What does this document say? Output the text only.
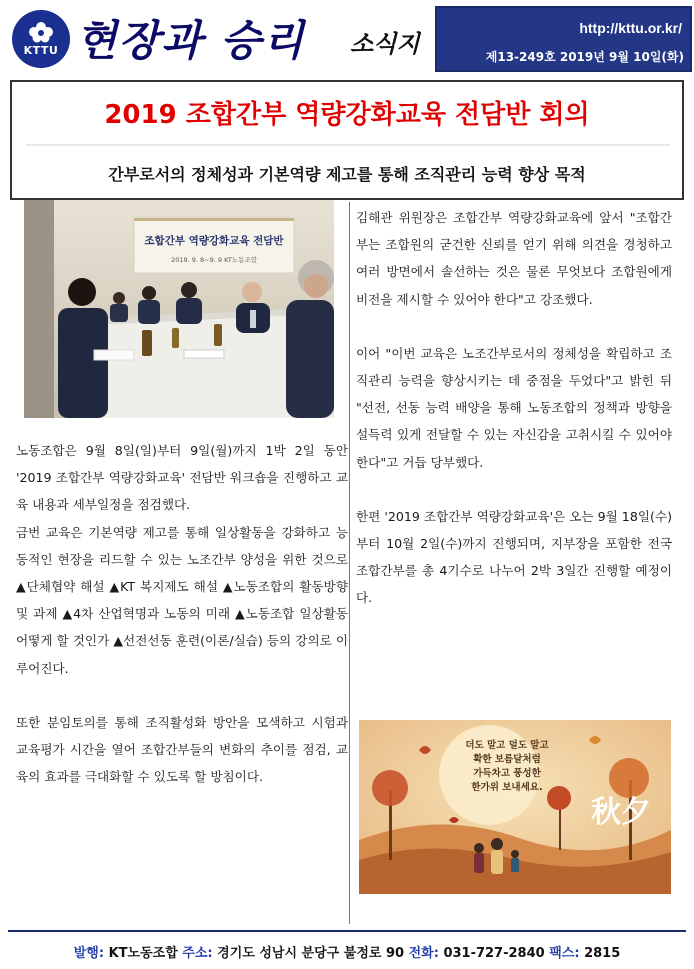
KTTU 현장과 승리 소식지
http://kttu.or.kr/
제13-249호 2019년 9월 10일(화)
2019 조합간부 역량강화교육 전담반 회의
간부로서의 정체성과 기본역량 제고를 통해 조직관리 능력 향상 목적
조합간부 역량강화교육 전담반
2019. 9. 8~9. 9 KT노동조합

노동조합은 9월 8일(일)부터 9일(월)까지 1박 2일 동안 '2019 조합간부 역량강화교육' 전담반 워크숍을 진행하고 교육 내용과 세부일정을 점검했다.

금번 교육은 기본역량 제고를 통해 일상활동을 강화하고 능동적인 현장을 리드할 수 있는 노조간부 양성을 위한 것으로 ▲단체협약 해설 ▲KT 복지제도 해설 ▲노동조합의 활동방향 및 과제 ▲4차 산업혁명과 노동의 미래 ▲노동조합 일상활동 어떻게 할 것인가 ▲선전선동 훈련(이론/실습) 등의 강의로 이루어진다.

또한 분임토의를 통해 조직활성화 방안을 모색하고 시험과 교육평가 시간을 열어 조합간부들의 변화의 추이를 점검, 교육의 효과를 극대화할 수 있도록 할 방침이다.

김해관 위원장은 조합간부 역량강화교육에 앞서 "조합간부는 조합원의 굳건한 신뢰를 얻기 위해 의견을 경청하고 여러 방면에서 솔선하는 것은 물론 무엇보다 조합원에게 비전을 제시할 수 있어야 한다"고 강조했다.

이어 "이번 교육은 노조간부로서의 정체성을 확립하고 조직관리 능력을 향상시키는 데 중점을 두었다"고 밝힌 뒤 "선전, 선동 능력 배양을 통해 노동조합의 정책과 방향을 설득력 있게 전달할 수 있는 자신감을 고취시킬 수 있어야 한다"고 거듭 당부했다.

한편 '2019 조합간부 역량강화교육'은 오는 9월 18일(수)부터 10월 2일(수)까지 진행되며, 지부장을 포함한 전국 조합간부를 총 4기수로 나누어 2박 3일간 진행할 예정이다.

더도 말고 덜도 말고
확한 보름달처럼
가득차고 풍성한
한가위 보내세요.
秋夕
발행: KT노동조합 주소: 경기도 성남시 분당구 불정로 90 전화: 031-727-2840 팩스: 2815
